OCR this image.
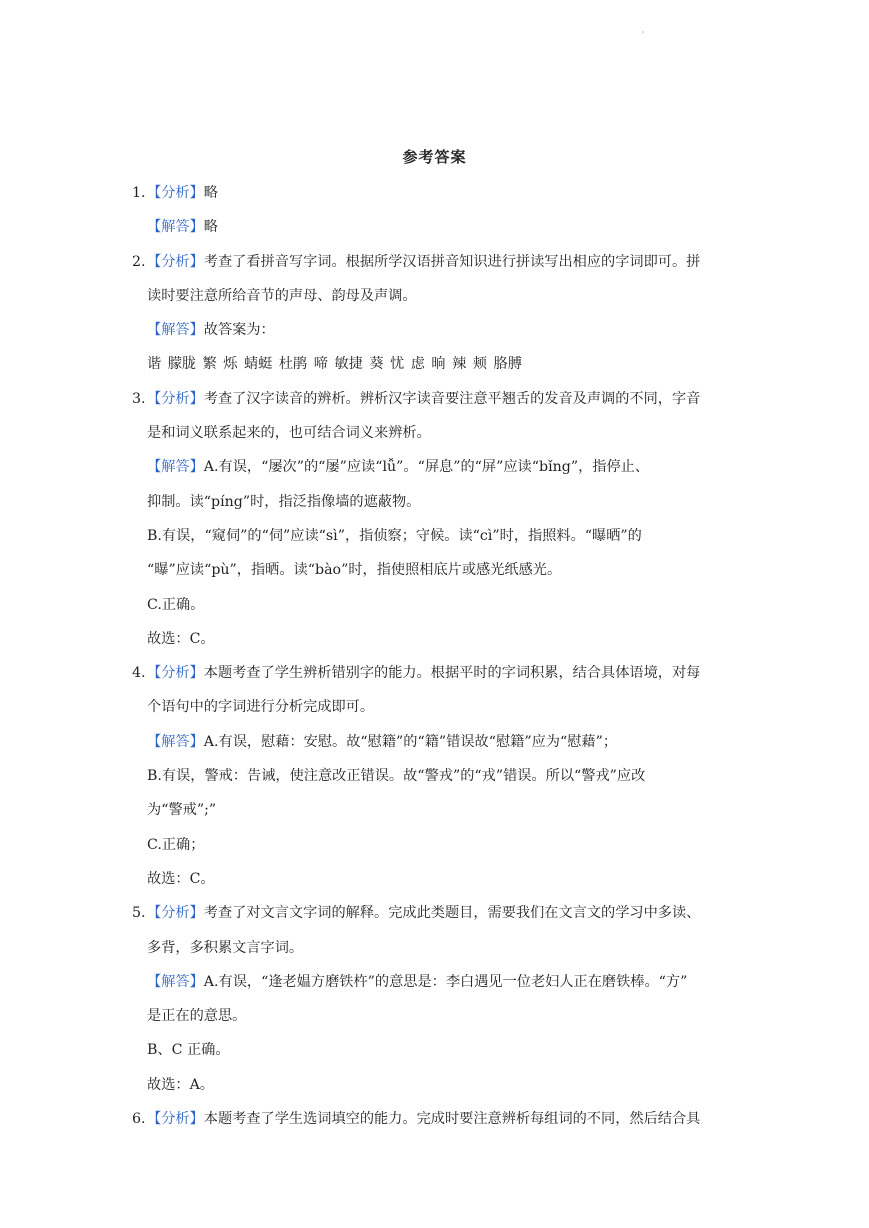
'
参考答案
1.【分析】略
【解答】略
2.【分析】考查了看拼音写字词。根据所学汉语拼音知识进行拼读写出相应的字词即可。拼
读时要注意所给音节的声母、韵母及声调。
【解答】故答案为：
谐 朦胧 繁 烁 蜻蜓 杜鹃 啼 敏捷 葵 忧 虑 晌 辣 颊 胳膊
3.【分析】考查了汉字读音的辨析。辨析汉字读音要注意平翘舌的发音及声调的不同，字音
是和词义联系起来的，也可结合词义来辨析。
【解答】A.有误，“屡次”的“屡”应读“lǚ”。“屏息”的“屏”应读“bǐng”，指停止、
抑制。读“píng”时，指泛指像墙的遮蔽物。
B.有误，“窥伺”的“伺”应读“sì”，指侦察；守候。读“cì”时，指照料。“曝晒”的
“曝”应读“pù”，指晒。读“bào”时，指使照相底片或感光纸感光。
C.正确。
故选：C。
4.【分析】本题考查了学生辨析错别字的能力。根据平时的字词积累，结合具体语境，对每
个语句中的字词进行分析完成即可。
【解答】A.有误，慰藉：安慰。故“慰籍”的“籍”错误故“慰籍”应为“慰藉”；
B.有误，警戒：告诫，使注意改正错误。故“警戎”的“戎”错误。所以“警戎”应改
为“警戒”;”
C.正确；
故选：C。
5.【分析】考查了对文言文字词的解释。完成此类题目，需要我们在文言文的学习中多读、
多背，多积累文言字词。
【解答】A.有误，“逢老媪方磨铁杵”的意思是：李白遇见一位老妇人正在磨铁棒。“方”
是正在的意思。
B、C 正确。
故选：A。
6.【分析】本题考查了学生选词填空的能力。完成时要注意辨析每组词的不同，然后结合具
